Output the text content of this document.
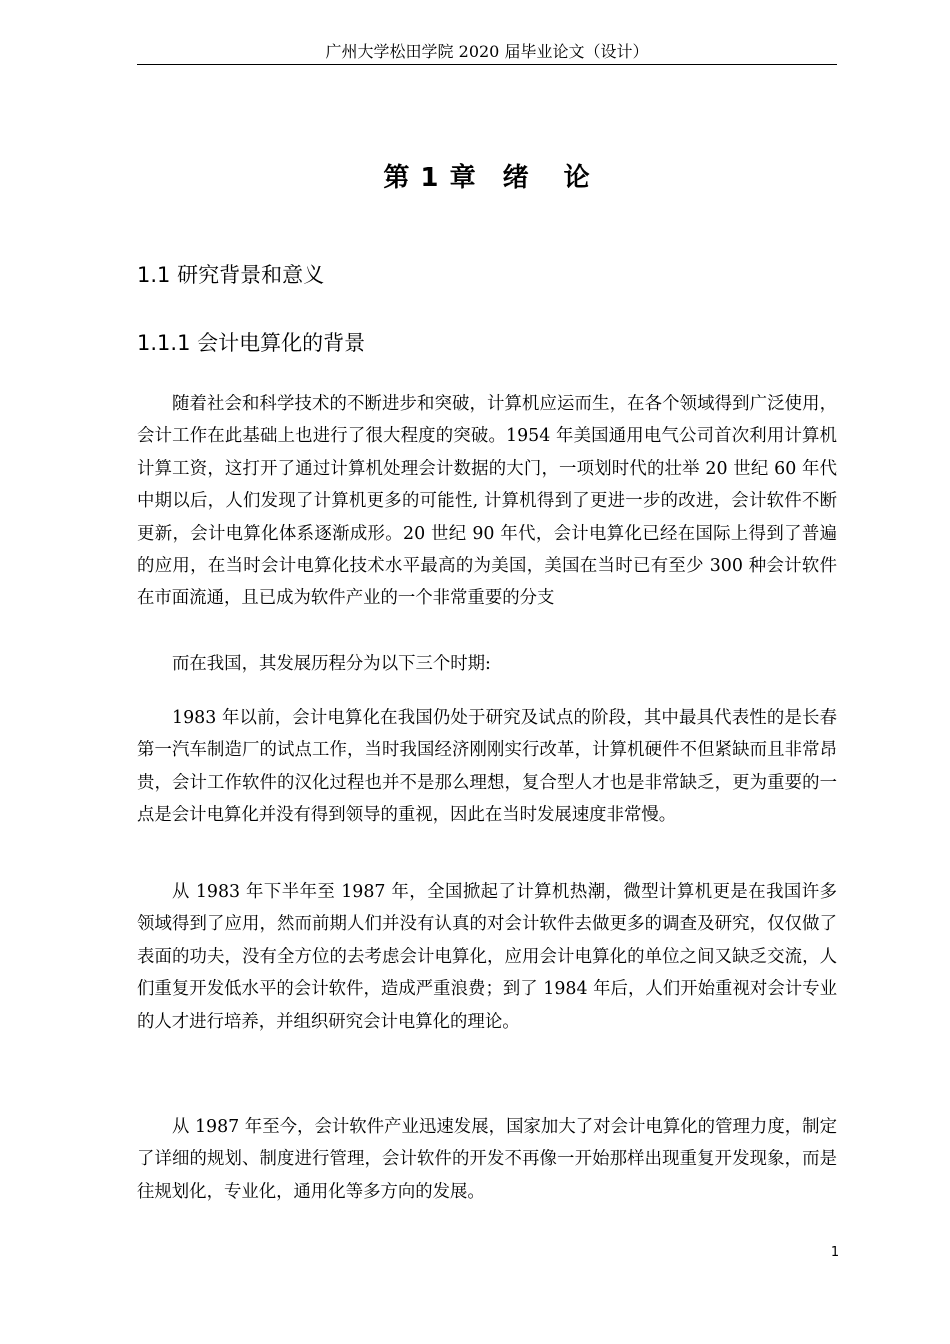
广州大学松田学院 2020 届毕业论文（设计）
第 1 章 绪 论
1.1 研究背景和意义
1.1.1 会计电算化的背景

随着社会和科学技术的不断进步和突破，计算机应运而生，在各个领域得到广泛使用，会计工作在此基础上也进行了很大程度的突破。1954 年美国通用电气公司首次利用计算机计算工资，这打开了通过计算机处理会计数据的大门，一项划时代的壮举 20 世纪 60 年代中期以后，人们发现了计算机更多的可能性, 计算机得到了更进一步的改进，会计软件不断更新，会计电算化体系逐渐成形。20 世纪 90 年代，会计电算化已经在国际上得到了普遍的应用，在当时会计电算化技术水平最高的为美国，美国在当时已有至少 300 种会计软件在市面流通，且已成为软件产业的一个非常重要的分支

而在我国，其发展历程分为以下三个时期:

1983 年以前，会计电算化在我国仍处于研究及试点的阶段，其中最具代表性的是长春第一汽车制造厂的试点工作，当时我国经济刚刚实行改革，计算机硬件不但紧缺而且非常昂贵，会计工作软件的汉化过程也并不是那么理想，复合型人才也是非常缺乏，更为重要的一点是会计电算化并没有得到领导的重视，因此在当时发展速度非常慢。

从 1983 年下半年至 1987 年，全国掀起了计算机热潮，微型计算机更是在我国许多领域得到了应用，然而前期人们并没有认真的对会计软件去做更多的调查及研究，仅仅做了表面的功夫，没有全方位的去考虑会计电算化，应用会计电算化的单位之间又缺乏交流，人们重复开发低水平的会计软件，造成严重浪费；到了 1984 年后，人们开始重视对会计专业的人才进行培养，并组织研究会计电算化的理论。

从 1987 年至今，会计软件产业迅速发展，国家加大了对会计电算化的管理力度，制定了详细的规划、制度进行管理，会计软件的开发不再像一开始那样出现重复开发现象，而是往规划化，专业化，通用化等多方向的发展。

1
